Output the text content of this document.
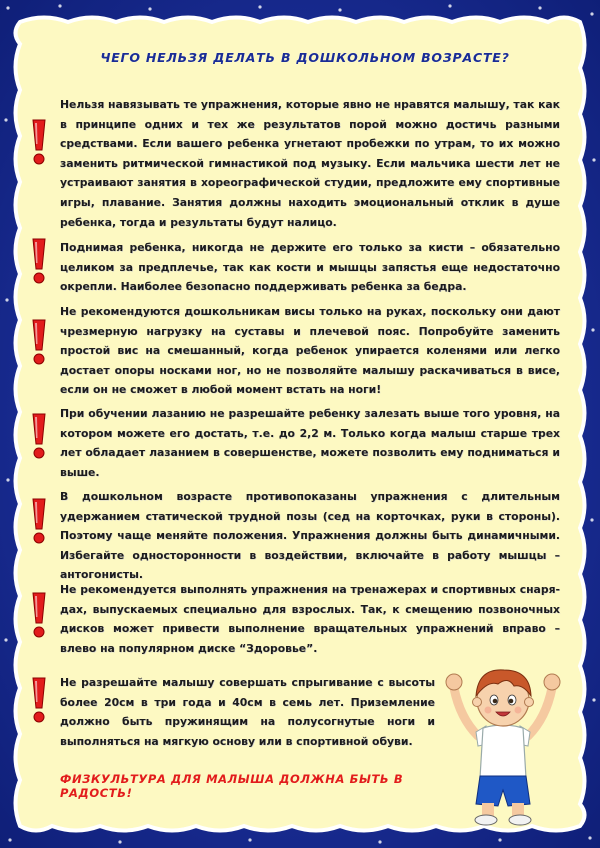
ЧЕГО НЕЛЬЗЯ ДЕЛАТЬ В ДОШКОЛЬНОМ ВОЗРАСТЕ?
Нельзя навязывать те упражнения, которые явно не нравятся малышу, так как в принципе одних и тех же результатов порой можно достичь разными средствами. Если вашего ребенка угнетают пробежки по утрам, то их можно заменить ритмической гимнастикой под музыку. Если мальчика шести лет не устраивают занятия в хореографической студии, предложите ему спортивные игры, плавание. Занятия должны находить эмоциональный отклик в душе ребенка, тогда и результаты будут налицо.
Поднимая ребенка, никогда не держите его только за кисти – обязательно целиком за предплечье, так как кости и мышцы запястья еще недостаточно окрепли. Наиболее безопасно поддерживать ребенка за бедра.
Не рекомендуются дошкольникам висы только на руках, поскольку они дают чрезмерную нагрузку на суставы и плечевой пояс. Попробуйте заменить простой вис на смешанный, когда ребенок упирается коленями или легко достает опоры носками ног, но не позволяйте малышу раскачиваться в висе, если он не сможет в любой момент встать на ноги!
При обучении лазанию не разрешайте ребенку залезать выше того уровня, на котором можете его достать, т.е. до 2,2 м. Только когда малыш старше трех лет обладает лазанием в совершенстве, можете позволить ему подниматься и выше.
В дошкольном возрасте противопоказаны упражнения с длительным удержанием статической трудной позы (сед на корточках, руки в стороны). Поэтому чаще меняйте положения. Упражнения должны быть динамичными. Избегайте односторонности в воздействии, включайте в работу мышцы – антогонисты.
Не рекомендуется выполнять упражнения на тренажерах и спортивных снаря-дах, выпускаемых специально для взрослых. Так, к смещению позвоночных дисков может привести выполнение вращательных упражнений вправо – влево на популярном диске “Здоровье”.
Не разрешайте малышу совершать спрыгивание с высоты более 20см в три года и 40см в семь лет. Приземление должно быть пружинящим на полусогнутые ноги и выполняться на мягкую основу или в спортивной обуви.
ФИЗКУЛЬТУРА ДЛЯ МАЛЫША ДОЛЖНА БЫТЬ В РАДОСТЬ!
